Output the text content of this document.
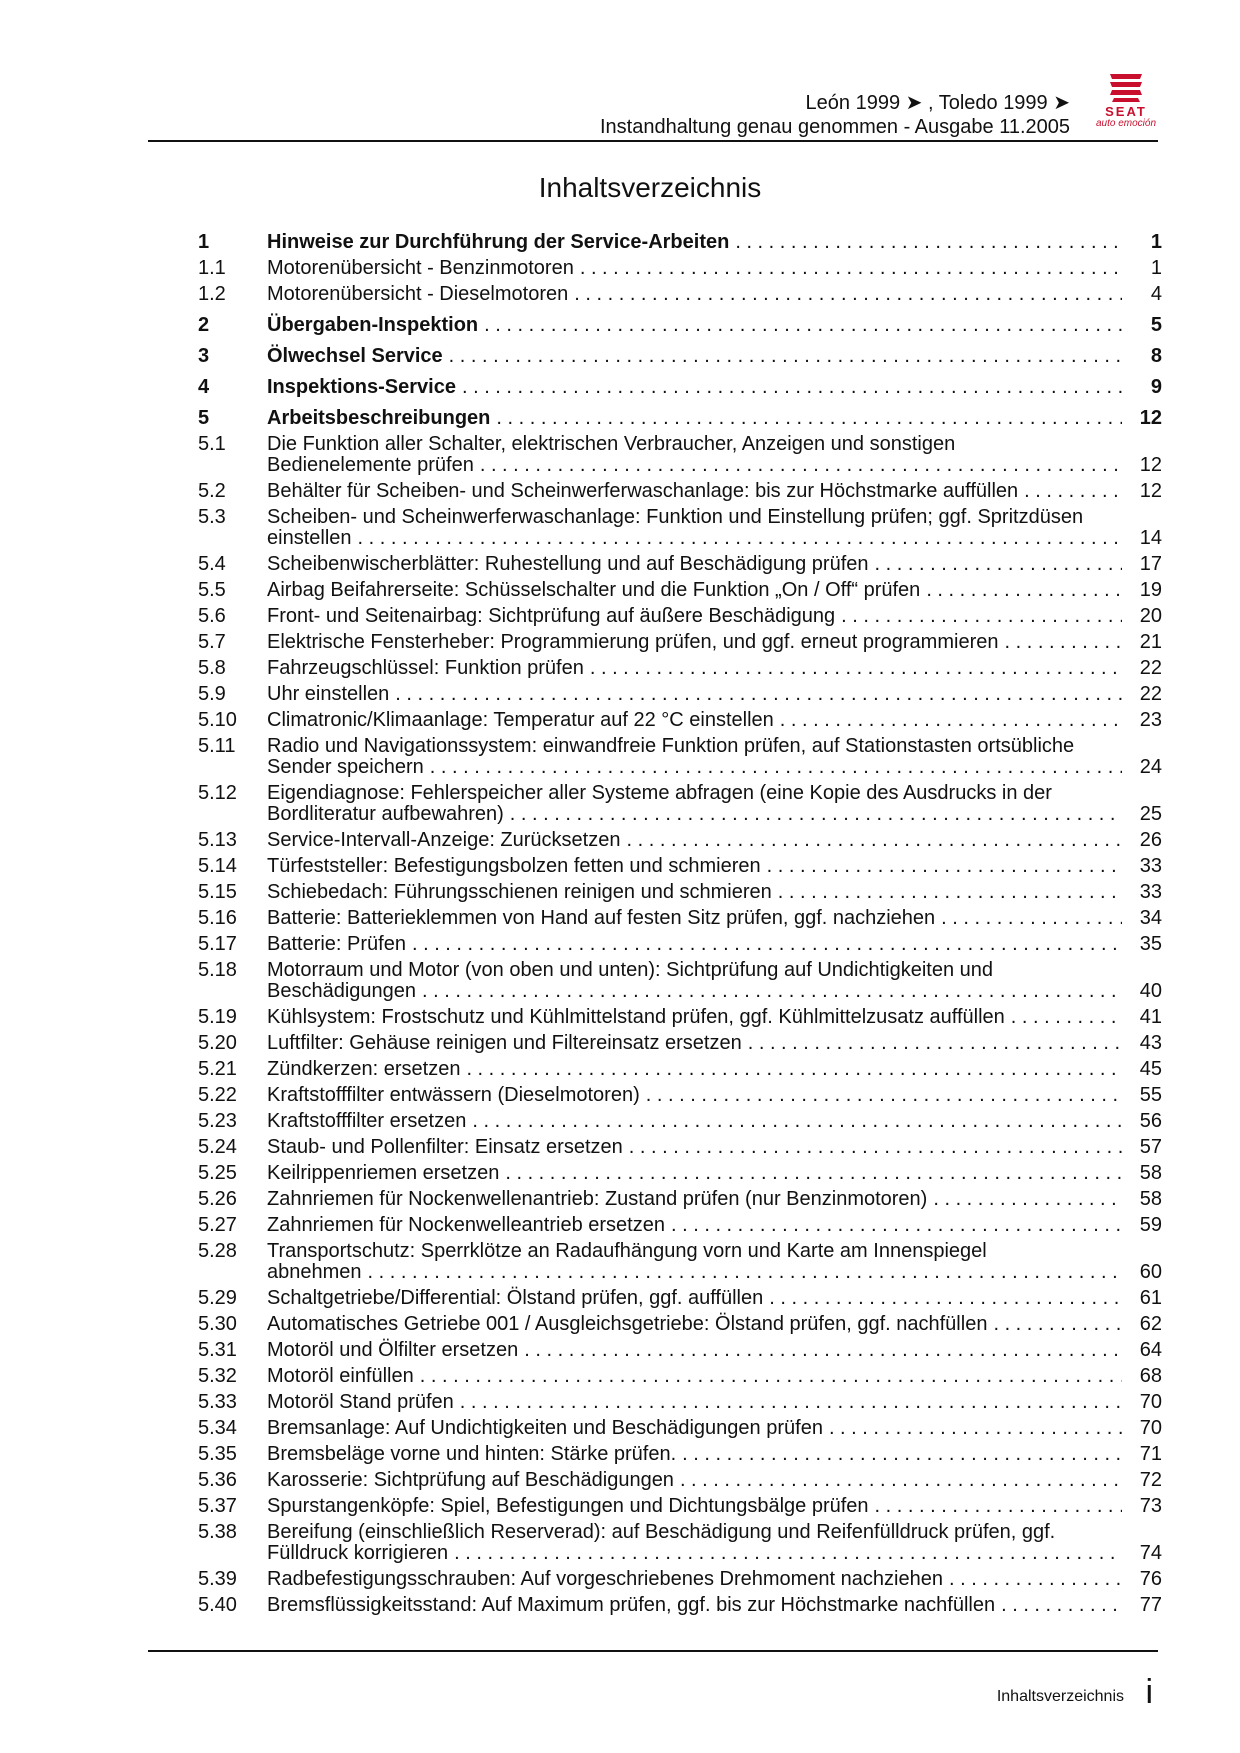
León 1999 ➤ , Toledo 1999 ➤
Instandhaltung genau genommen - Ausgabe 11.2005
SEAT
auto emoción
Inhaltsverzeichnis
1	Hinweise zur Durchführung der Service-Arbeiten . . .	1
1.1	Motorenübersicht - Benzinmotoren . . .	1
1.2	Motorenübersicht - Dieselmotoren . . .	4
2	Übergaben-Inspektion . . .	5
3	Ölwechsel Service . . .	8
4	Inspektions-Service . . .	9
5	Arbeitsbeschreibungen . . .	12
5.1	Die Funktion aller Schalter, elektrischen Verbraucher, Anzeigen und sonstigen
Bedienelemente prüfen . . .	12
5.2	Behälter für Scheiben- und Scheinwerferwaschanlage: bis zur Höchstmarke auffüllen . . .	12
5.3	Scheiben- und Scheinwerferwaschanlage: Funktion und Einstellung prüfen; ggf. Spritzdüsen
einstellen . . .	14
5.4	Scheibenwischerblätter: Ruhestellung und auf Beschädigung prüfen . . .	17
5.5	Airbag Beifahrerseite: Schüsselschalter und die Funktion „On / Off“ prüfen . . .	19
5.6	Front- und Seitenairbag: Sichtprüfung auf äußere Beschädigung . . .	20
5.7	Elektrische Fensterheber: Programmierung prüfen, und ggf. erneut programmieren . . .	21
5.8	Fahrzeugschlüssel: Funktion prüfen . . .	22
5.9	Uhr einstellen . . .	22
5.10	Climatronic/Klimaanlage: Temperatur auf 22 °C einstellen . . .	23
5.11	Radio und Navigationssystem: einwandfreie Funktion prüfen, auf Stationstasten ortsübliche
Sender speichern . . .	24
5.12	Eigendiagnose: Fehlerspeicher aller Systeme abfragen (eine Kopie des Ausdrucks in der
Bordliteratur aufbewahren) . . .	25
5.13	Service-Intervall-Anzeige: Zurücksetzen . . .	26
5.14	Türfeststeller: Befestigungsbolzen fetten und schmieren . . .	33
5.15	Schiebedach: Führungsschienen reinigen und schmieren . . .	33
5.16	Batterie: Batterieklemmen von Hand auf festen Sitz prüfen, ggf. nachziehen . . .	34
5.17	Batterie: Prüfen . . .	35
5.18	Motorraum und Motor (von oben und unten): Sichtprüfung auf Undichtigkeiten und
Beschädigungen . . .	40
5.19	Kühlsystem: Frostschutz und Kühlmittelstand prüfen, ggf. Kühlmittelzusatz auffüllen . . .	41
5.20	Luftfilter: Gehäuse reinigen und Filtereinsatz ersetzen . . .	43
5.21	Zündkerzen: ersetzen . . .	45
5.22	Kraftstofffilter entwässern (Dieselmotoren) . . .	55
5.23	Kraftstofffilter ersetzen . . .	56
5.24	Staub- und Pollenfilter: Einsatz ersetzen . . .	57
5.25	Keilrippenriemen ersetzen . . .	58
5.26	Zahnriemen für Nockenwellenantrieb: Zustand prüfen (nur Benzinmotoren) . . .	58
5.27	Zahnriemen für Nockenwelleantrieb ersetzen . . .	59
5.28	Transportschutz: Sperrklötze an Radaufhängung vorn und Karte am Innenspiegel
abnehmen . . .	60
5.29	Schaltgetriebe/Differential: Ölstand prüfen, ggf. auffüllen . . .	61
5.30	Automatisches Getriebe 001 / Ausgleichsgetriebe: Ölstand prüfen, ggf. nachfüllen . . .	62
5.31	Motoröl und Ölfilter ersetzen . . .	64
5.32	Motoröl einfüllen . . .	68
5.33	Motoröl Stand prüfen . . .	70
5.34	Bremsanlage: Auf Undichtigkeiten und Beschädigungen prüfen . . .	70
5.35	Bremsbeläge vorne und hinten: Stärke prüfen. . . .	71
5.36	Karosserie: Sichtprüfung auf Beschädigungen . . .	72
5.37	Spurstangenköpfe: Spiel, Befestigungen und Dichtungsbälge prüfen . . .	73
5.38	Bereifung (einschließlich Reserverad): auf Beschädigung und Reifenfülldruck prüfen, ggf.
Fülldruck korrigieren . . .	74
5.39	Radbefestigungsschrauben: Auf vorgeschriebenes Drehmoment nachziehen . . .	76
5.40	Bremsflüssigkeitsstand: Auf Maximum prüfen, ggf. bis zur Höchstmarke nachfüllen . . .	77
Inhaltsverzeichnis i
